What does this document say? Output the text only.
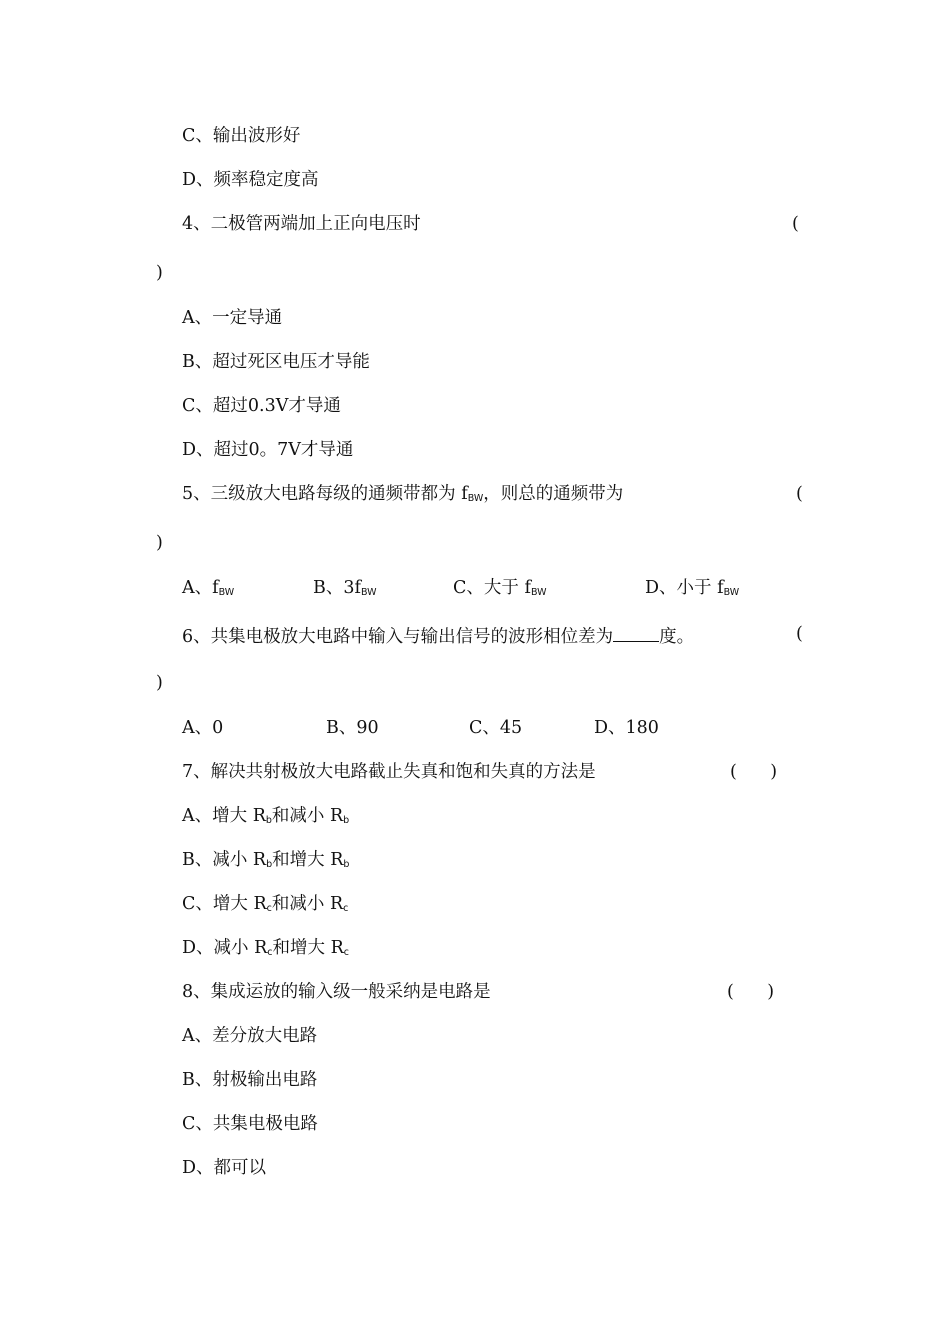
C、输出波形好
D、频率稳定度高
4、二极管两端加上正向电压时	(
)
A、一定导通
B、超过死区电压才导能
C、超过0.3V才导通
D、超过0。7V才导通
5、三级放大电路每级的通频带都为 $f_{BW}$，则总的通频带为	(
)
A、$f_{BW}$	B、$3f_{BW}$	C、大于 $f_{BW}$	D、小于 $f_{BW}$
6、共集电极放大电路中输入与输出信号的波形相位差为	度。	(
)
A、0	B、90	C、45	D、180
7、解决共射极放大电路截止失真和饱和失真的方法是	(      )
A、增大 $R_b$和减小 $R_b$
B、减小 $R_b$和增大 $R_b$
C、增大 $R_c$和减小 $R_c$
D、减小 $R_c$和增大 $R_c$
8、集成运放的输入级一般采纳是电路是	(      )
A、差分放大电路
B、射极输出电路
C、共集电极电路
D、都可以
